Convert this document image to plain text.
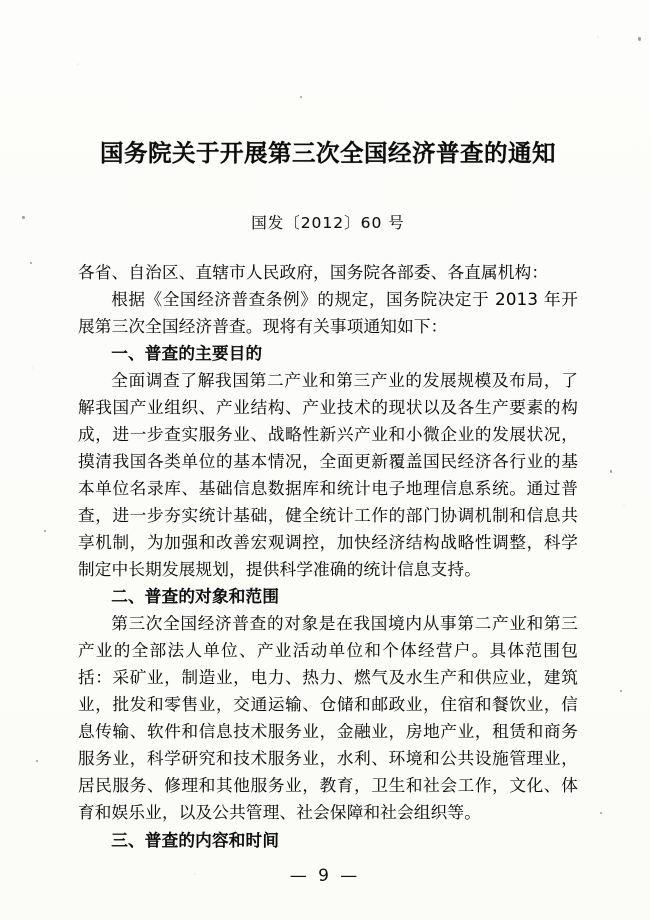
国务院关于开展第三次全国经济普查的通知
国发〔2012〕60 号

各省、自治区、直辖市人民政府，国务院各部委、各直属机构：

根据《全国经济普查条例》的规定，国务院决定于 2013 年开展第三次全国经济普查。现将有关事项通知如下：

一、普查的主要目的

全面调查了解我国第二产业和第三产业的发展规模及布局，了解我国产业组织、产业结构、产业技术的现状以及各生产要素的构成，进一步查实服务业、战略性新兴产业和小微企业的发展状况，摸清我国各类单位的基本情况，全面更新覆盖国民经济各行业的基本单位名录库、基础信息数据库和统计电子地理信息系统。通过普查，进一步夯实统计基础，健全统计工作的部门协调机制和信息共享机制，为加强和改善宏观调控，加快经济结构战略性调整，科学制定中长期发展规划，提供科学准确的统计信息支持。

二、普查的对象和范围

第三次全国经济普查的对象是在我国境内从事第二产业和第三产业的全部法人单位、产业活动单位和个体经营户。具体范围包括：采矿业，制造业，电力、热力、燃气及水生产和供应业，建筑业，批发和零售业，交通运输、仓储和邮政业，住宿和餐饮业，信息传输、软件和信息技术服务业，金融业，房地产业，租赁和商务服务业，科学研究和技术服务业，水利、环境和公共设施管理业，居民服务、修理和其他服务业，教育，卫生和社会工作，文化、体育和娱乐业，以及公共管理、社会保障和社会组织等。

三、普查的内容和时间

— 9 —
